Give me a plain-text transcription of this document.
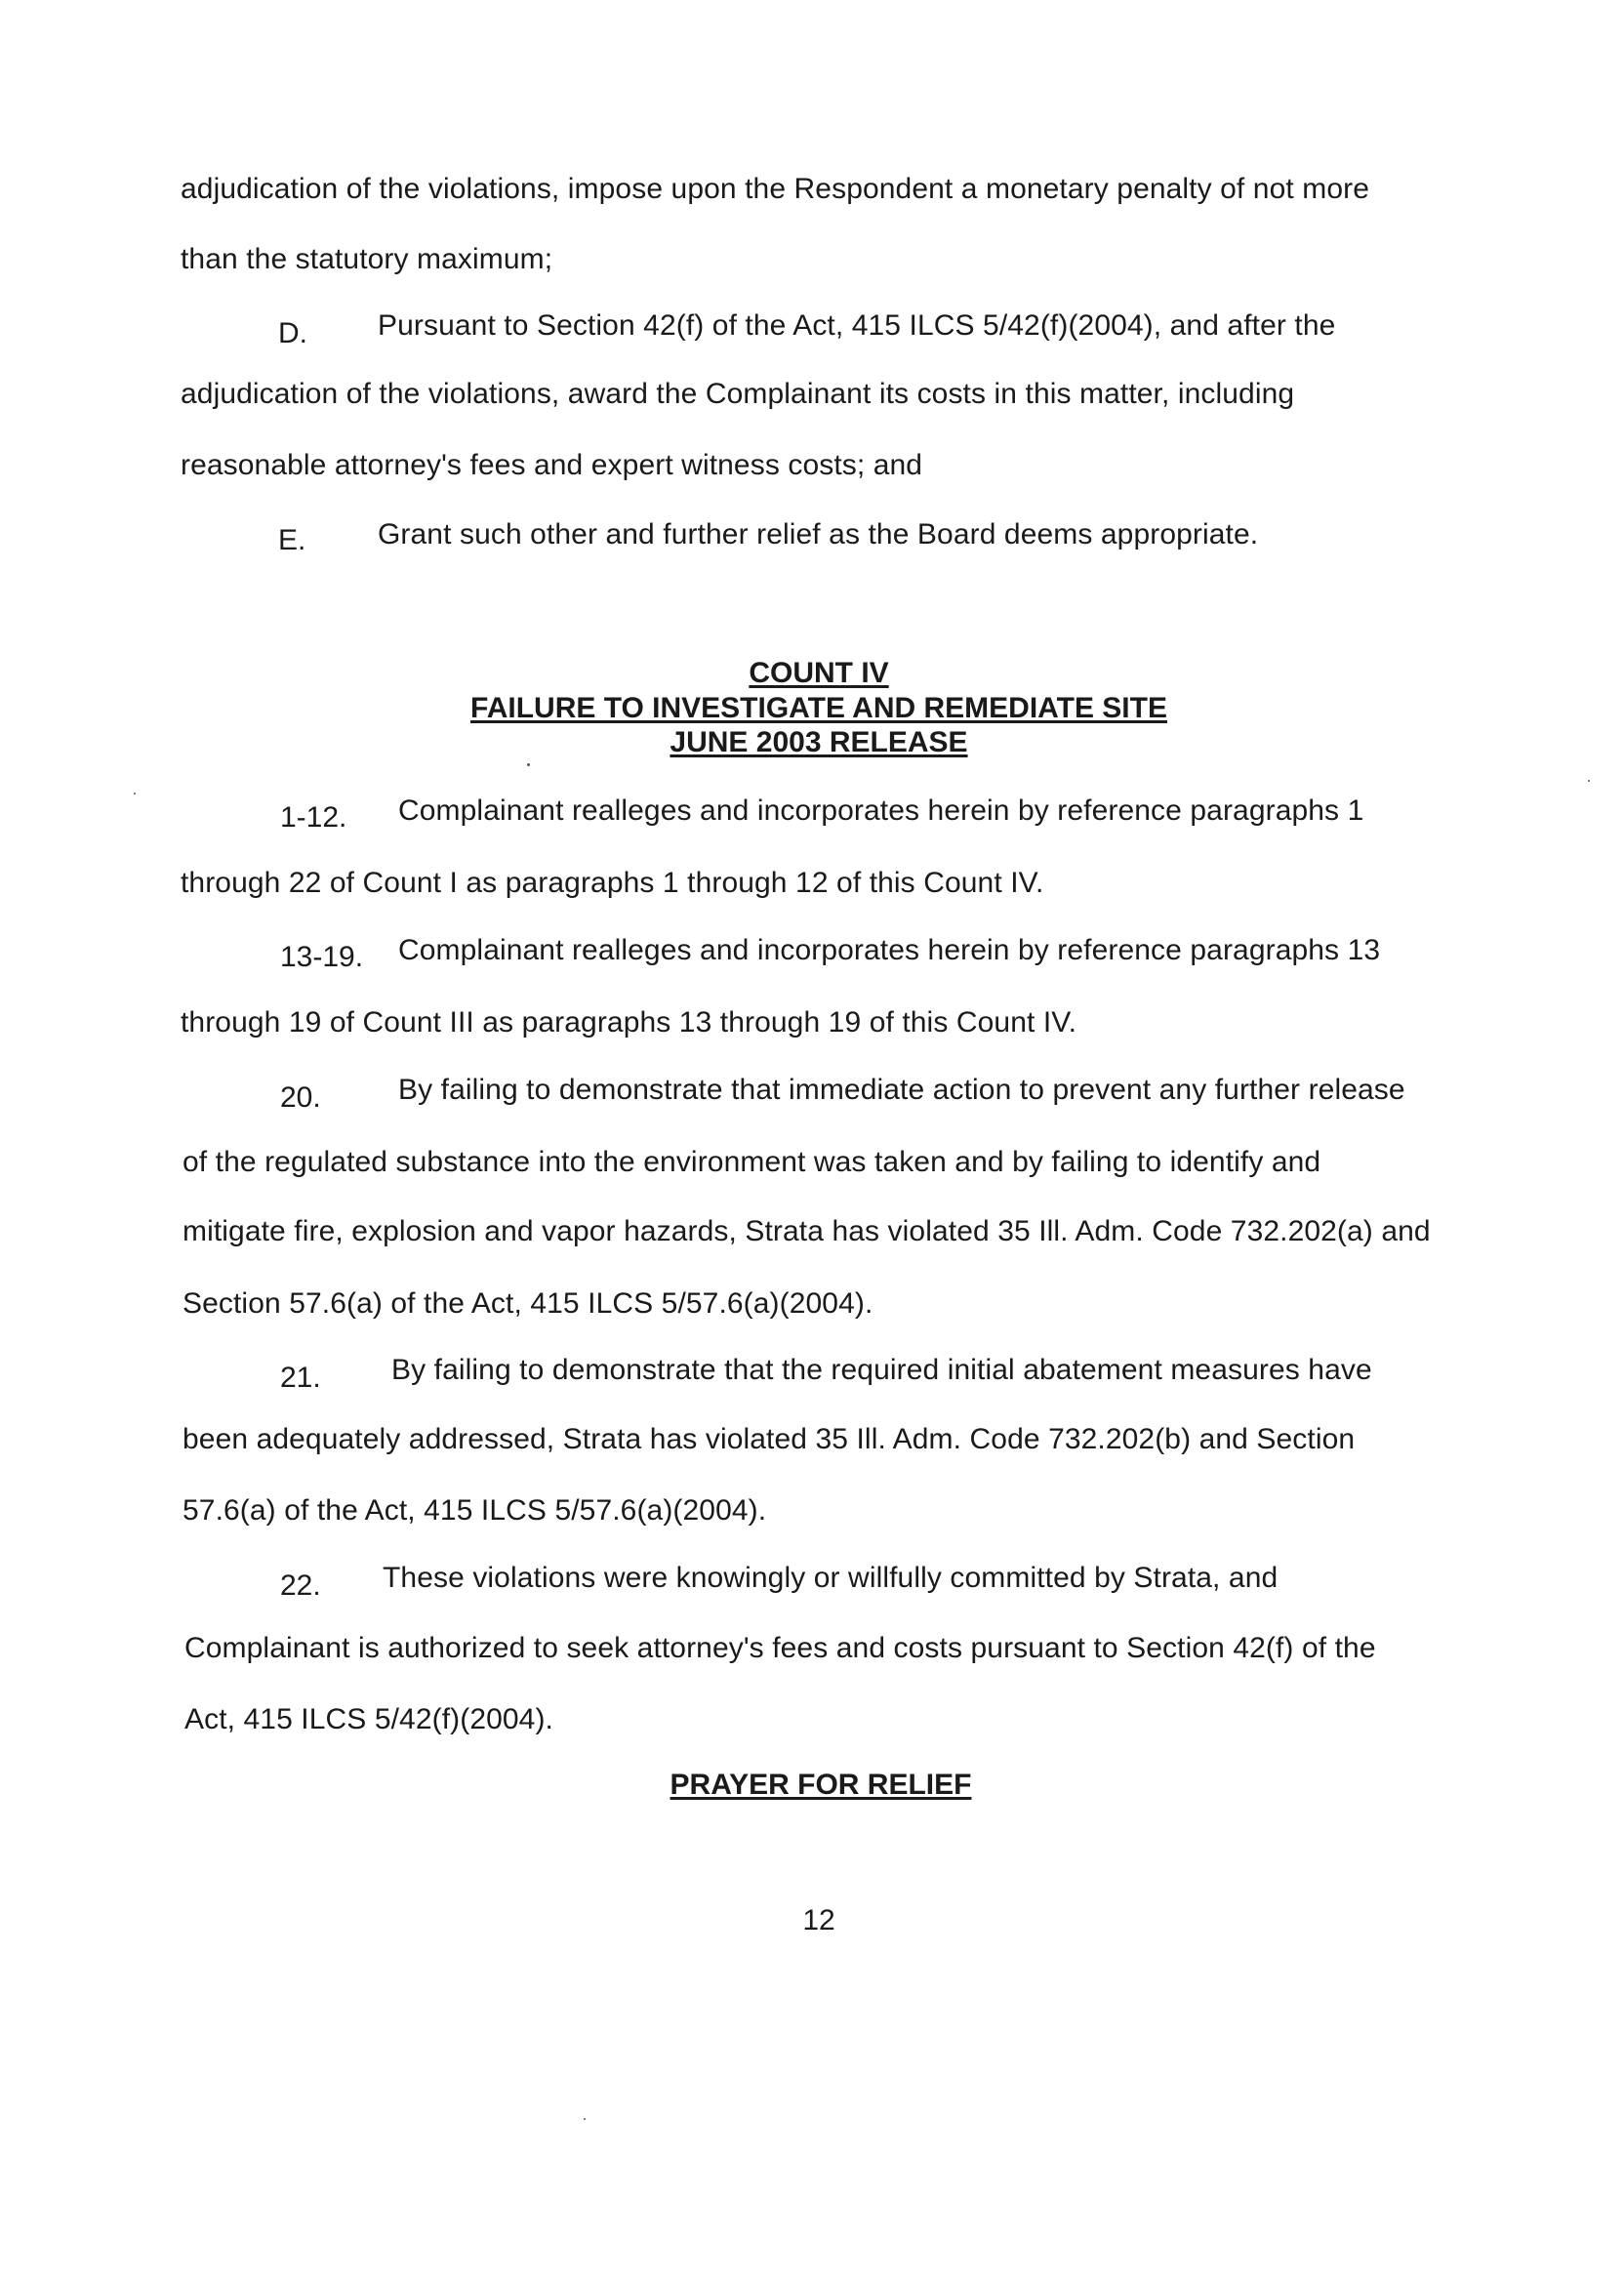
adjudication of the violations, impose upon the Respondent a monetary penalty of not more
than the statutory maximum;
D. Pursuant to Section 42(f) of the Act, 415 ILCS 5/42(f)(2004), and after the
adjudication of the violations, award the Complainant its costs in this matter, including
reasonable attorney's fees and expert witness costs; and
E. Grant such other and further relief as the Board deems appropriate.
COUNT IV
FAILURE TO INVESTIGATE AND REMEDIATE SITE
JUNE 2003 RELEASE
1-12. Complainant realleges and incorporates herein by reference paragraphs 1
through 22 of Count I as paragraphs 1 through 12 of this Count IV.
13-19. Complainant realleges and incorporates herein by reference paragraphs 13
through 19 of Count III as paragraphs 13 through 19 of this Count IV.
20.	By failing to demonstrate that immediate action to prevent any further release
of the regulated substance into the environment was taken and by failing to identify and
mitigate fire, explosion and vapor hazards, Strata has violated 35 Ill. Adm. Code 732.202(a) and
Section 57.6(a) of the Act, 415 ILCS 5/57.6(a)(2004).
21. By failing to demonstrate that the required initial abatement measures have
been adequately addressed, Strata has violated 35 Ill. Adm. Code 732.202(b) and Section
57.6(a) of the Act, 415 ILCS 5/57.6(a)(2004).
22. These violations were knowingly or willfully committed by Strata, and
Complainant is authorized to seek attorney's fees and costs pursuant to Section 42(f) of the
Act, 415 ILCS 5/42(f)(2004).
PRAYER FOR RELIEF
12
